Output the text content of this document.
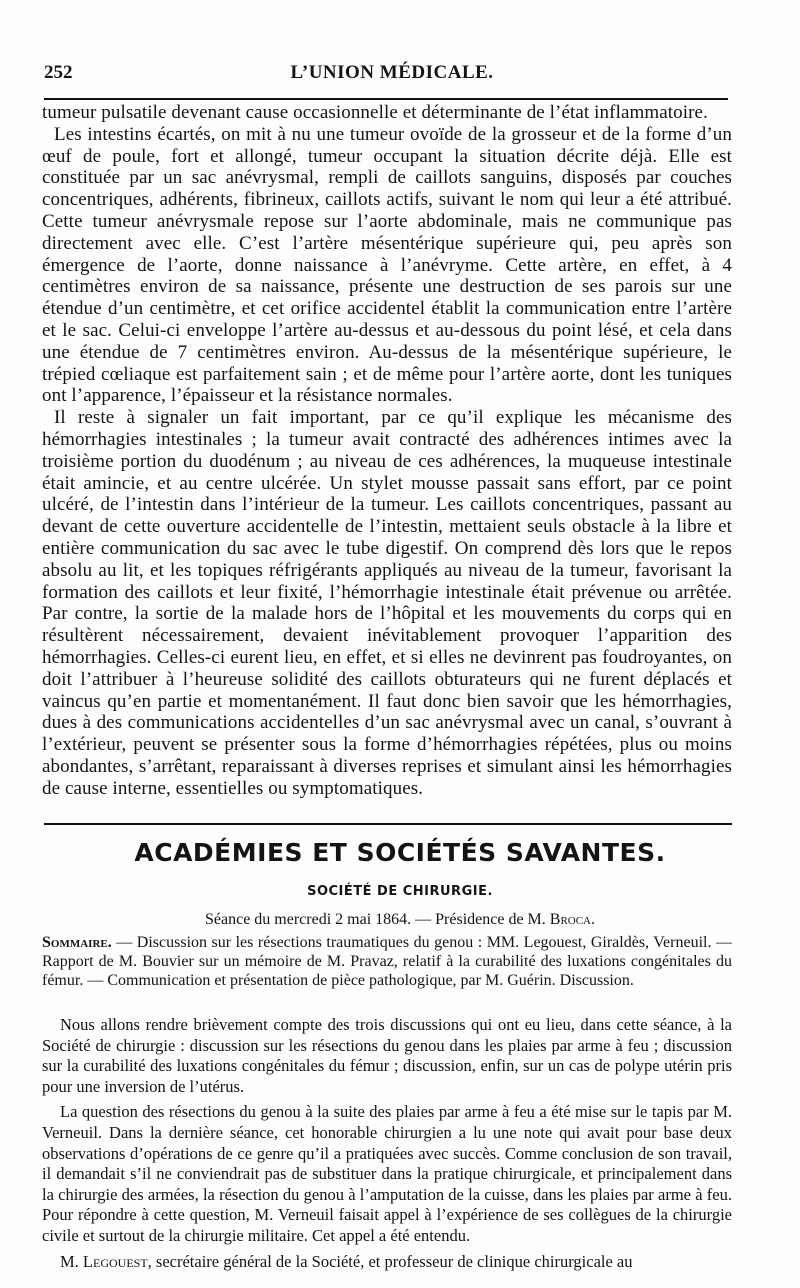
252	L’UNION MÉDICALE.

tumeur pulsatile devenant cause occasionnelle et déterminante de l’état inflammatoire.

Les intestins écartés, on mit à nu une tumeur ovoïde de la grosseur et de la forme d’un œuf de poule, fort et allongé, tumeur occupant la situation décrite déjà. Elle est constituée par un sac anévrysmal, rempli de caillots sanguins, disposés par couches concentriques, adhérents, fibrineux, caillots actifs, suivant le nom qui leur a été attribué. Cette tumeur anévrysmale repose sur l’aorte abdominale, mais ne communique pas directement avec elle. C’est l’artère mésentérique supérieure qui, peu après son émergence de l’aorte, donne naissance à l’anévryme. Cette artère, en effet, à 4 centimètres environ de sa naissance, présente une destruction de ses parois sur une étendue d’un centimètre, et cet orifice accidentel établit la communication entre l’artère et le sac. Celui-ci enveloppe l’artère au-dessus et au-dessous du point lésé, et cela dans une étendue de 7 centimètres environ. Au-dessus de la mésentérique supérieure, le trépied cœliaque est parfaitement sain ; et de même pour l’artère aorte, dont les tuniques ont l’apparence, l’épaisseur et la résistance normales.

Il reste à signaler un fait important, par ce qu’il explique les mécanisme des hémorrhagies intestinales ; la tumeur avait contracté des adhérences intimes avec la troisième portion du duodénum ; au niveau de ces adhérences, la muqueuse intestinale était amincie, et au centre ulcérée. Un stylet mousse passait sans effort, par ce point ulcéré, de l’intestin dans l’intérieur de la tumeur. Les caillots concentriques, passant au devant de cette ouverture accidentelle de l’intestin, mettaient seuls obstacle à la libre et entière communication du sac avec le tube digestif. On comprend dès lors que le repos absolu au lit, et les topiques réfrigérants appliqués au niveau de la tumeur, favorisant la formation des caillots et leur fixité, l’hémorrhagie intestinale était prévenue ou arrêtée. Par contre, la sortie de la malade hors de l’hôpital et les mouvements du corps qui en résultèrent nécessairement, devaient inévitablement provoquer l’apparition des hémorrhagies. Celles-ci eurent lieu, en effet, et si elles ne devinrent pas foudroyantes, on doit l’attribuer à l’heureuse solidité des caillots obturateurs qui ne furent déplacés et vaincus qu’en partie et momentanément. Il faut donc bien savoir que les hémorrhagies, dues à des communications accidentelles d’un sac anévrysmal avec un canal, s’ouvrant à l’extérieur, peuvent se présenter sous la forme d’hémorrhagies répétées, plus ou moins abondantes, s’arrêtant, reparaissant à diverses reprises et simulant ainsi les hémorrhagies de cause interne, essentielles ou symptomatiques.

ACADÉMIES ET SOCIÉTÉS SAVANTES.
SOCIÉTÉ DE CHIRURGIE.
Séance du mercredi 2 mai 1864. — Présidence de M. Broca.
Sommaire. — Discussion sur les résections traumatiques du genou : MM. Legouest, Giraldès, Verneuil. — Rapport de M. Bouvier sur un mémoire de M. Pravaz, relatif à la curabilité des luxations congénitales du fémur. — Communication et présentation de pièce pathologique, par M. Guérin. Discussion.

Nous allons rendre brièvement compte des trois discussions qui ont eu lieu, dans cette séance, à la Société de chirurgie : discussion sur les résections du genou dans les plaies par arme à feu ; discussion sur la curabilité des luxations congénitales du fémur ; discussion, enfin, sur un cas de polype utérin pris pour une inversion de l’utérus.

La question des résections du genou à la suite des plaies par arme à feu a été mise sur le tapis par M. Verneuil. Dans la dernière séance, cet honorable chirurgien a lu une note qui avait pour base deux observations d’opérations de ce genre qu’il a pratiquées avec succès. Comme conclusion de son travail, il demandait s’il ne conviendrait pas de substituer dans la pratique chirurgicale, et principalement dans la chirurgie des armées, la résection du genou à l’amputation de la cuisse, dans les plaies par arme à feu. Pour répondre à cette question, M. Verneuil faisait appel à l’expérience de ses collègues de la chirurgie civile et surtout de la chirurgie militaire. Cet appel a été entendu.

M. Legouest, secrétaire général de la Société, et professeur de clinique chirurgicale au
